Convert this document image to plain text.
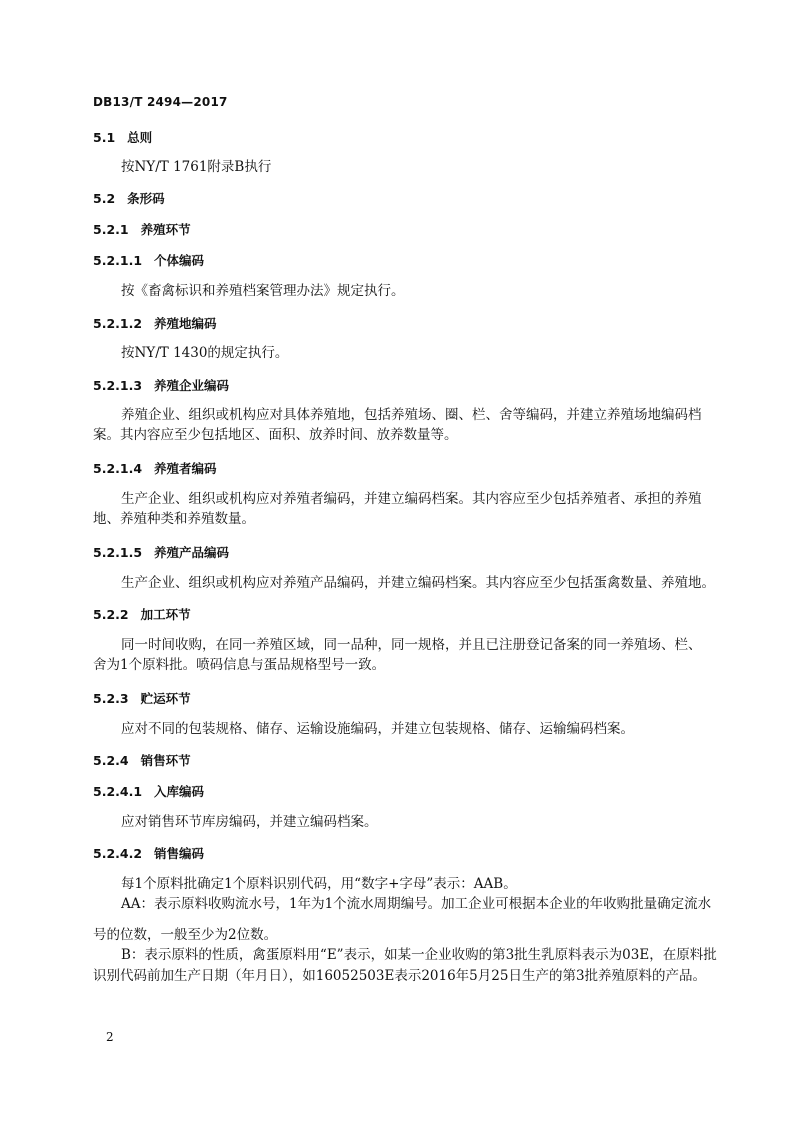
DB13/T 2494—2017
5.1 总则
按NY/T 1761附录B执行
5.2 条形码
5.2.1 养殖环节
5.2.1.1 个体编码
按《畜禽标识和养殖档案管理办法》规定执行。
5.2.1.2 养殖地编码
按NY/T 1430的规定执行。
5.2.1.3 养殖企业编码
养殖企业、组织或机构应对具体养殖地，包括养殖场、圈、栏、舍等编码，并建立养殖场地编码档
案。其内容应至少包括地区、面积、放养时间、放养数量等。
5.2.1.4 养殖者编码
生产企业、组织或机构应对养殖者编码，并建立编码档案。其内容应至少包括养殖者、承担的养殖
地、养殖种类和养殖数量。
5.2.1.5 养殖产品编码
生产企业、组织或机构应对养殖产品编码，并建立编码档案。其内容应至少包括蛋禽数量、养殖地。
5.2.2 加工环节
同一时间收购，在同一养殖区域，同一品种，同一规格，并且已注册登记备案的同一养殖场、栏、
舍为1个原料批。喷码信息与蛋品规格型号一致。
5.2.3 贮运环节
应对不同的包装规格、储存、运输设施编码，并建立包装规格、储存、运输编码档案。
5.2.4 销售环节
5.2.4.1 入库编码
应对销售环节库房编码，并建立编码档案。
5.2.4.2 销售编码
每1个原料批确定1个原料识别代码，用“数字+字母”表示：AAB。
AA：表示原料收购流水号，1年为1个流水周期编号。加工企业可根据本企业的年收购批量确定流水
号的位数，一般至少为2位数。
B：表示原料的性质，禽蛋原料用“E”表示，如某一企业收购的第3批生乳原料表示为03E，在原料批
识别代码前加生产日期（年月日），如16052503E表示2016年5月25日生产的第3批养殖原料的产品。
2
